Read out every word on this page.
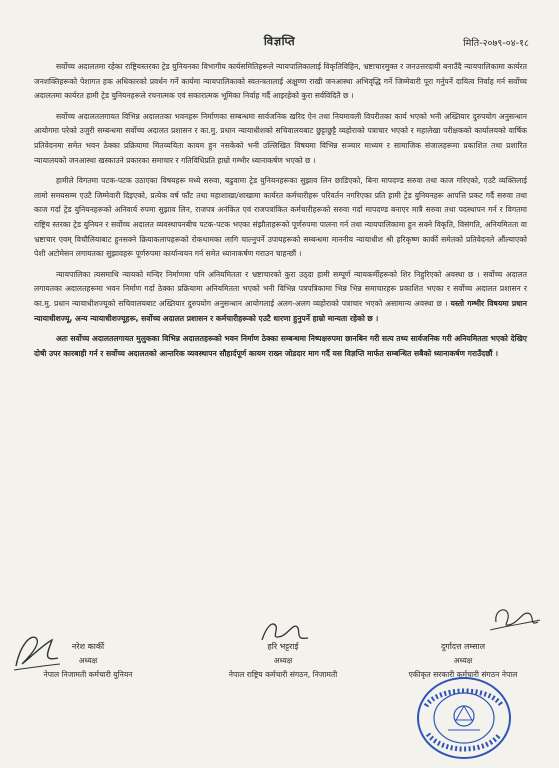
विज्ञप्ति	मिति-२०७९-०४-१८

सर्वोच्च अदालतमा रहेका राष्ट्रियस्तरका ट्रेड युनियनका विभागीय कार्यसमितिहरूले न्यायपालिकालाई विकृतिविहिन, भ्रष्टाचारमुक्त र जनउत्तरदायी बनाउँदै न्यायपालिकामा कार्यरत जनशक्तिहरूको पेशागत हक अधिकारको प्रवर्धन गर्ने कार्यमा न्यायपालिकाको स्वतन्त्रतालाई अक्षुण्ण राखी जनआस्था अभिवृद्धि गर्ने जिम्मेवारी पूरा गर्नुपर्ने दायित्व निर्वाह गर्न सर्वोच्च अदालतमा कार्यरत हामी ट्रेड युनियनहरूले रचनात्मक एवं सकारात्मक भूमिका निर्वाह गर्दै आइरहेको कुरा सर्वविदितै छ ।

सर्वोच्च अदालतलगायत विभिन्न अदालतका भवनहरू निर्माणका सम्बन्धमा सार्वजनिक खरिद ऐन तथा नियमावली विपरीतका कार्य भएको भनी अख्तियार दुरुपयोग अनुसन्धान आयोगमा परेको उजुरी सम्बन्धमा सर्वोच्च अदालत प्रशासन र का.मु. प्रधान न्यायाधीशको सचिवालयबाट छुट्टाछुट्टै व्यहोराको पत्राचार भएको र महालेखा परीक्षकको कार्यालयको वार्षिक प्रतिवेदनमा समेत भवन ठेक्का प्रक्रियामा मितव्ययिता कायम हुन नसकेको भनी उल्लिखित विषयमा विभिन्न सञ्चार माध्यम र सामाजिक संजालहरूमा प्रकाशित तथा प्रशारित न्यायालयको जनआस्था खस्काउने प्रकारका समाचार र गतिविधिप्रति हाम्रो गम्भीर ध्यानाकर्षण भएको छ ।

हामीले विगतमा पटक-पटक उठाएका विषयहरू मध्ये सरुवा, बढुवामा ट्रेड युनियनहरूका सुझाव लिन छाडिएको, बिना मापदण्ड सरुवा तथा काज गरिएको, एउटै व्यक्तिलाई लामो समयसम्म एउटै जिम्मेवारी दिइएको, प्रत्येक वर्ष फाँट तथा महाशाखा/शाखामा कार्यरत कर्मचारीहरू परिवर्तन नगरिएका प्रति हामी ट्रेड युनियनहरू आपत्ति प्रकट गर्दै सरुवा तथा काज गर्दा ट्रेड युनियनहरूको अनिवार्य रुपमा सुझाव लिन, राजपत्र अनंकित एवं राजपत्रांकित कर्मचारीहरूको सरुवा गर्दा मापदण्ड बनाएर मात्रै सरुवा तथा पदस्थापन गर्न र विगतमा राष्ट्रिय स्तरका ट्रेड युनियन र सर्वोच्च अदालत व्यवस्थापनबीच पटक-पटक भएका संझौताहरूको पूर्णरुपमा पालना गर्न तथा न्यायपालिकामा हुन सक्ने विकृति, विसंगति, अनियमितता वा भ्रष्टाचार एवम् विचौलियाबाट हुनसक्ने क्रियाकलापहरूको रोकथामका लागि चाल्नुपर्ने उपायहरूको सम्बन्धमा माननीय न्यायाधीश श्री हरिकृष्ण कार्की समेतको प्रतिवेदनले औंल्याएको पेशी अटोमेसन लगायतका सुझावहरू पूर्णरुपमा कार्यान्वयन गर्न समेत ध्यानाकर्षण गराउन चाहन्छौं ।

न्यायपालिका त्यसमाथि न्यायको मन्दिर निर्माणमा पनि अनियमितता र भ्रष्टाचारको कुरा उठ्दा हामी सम्पूर्ण न्यायकर्मीहरूको शिर निहुरिएको अवस्था छ । सर्वोच्च अदालत लगायतका अदालतहरूमा भवन निर्माण गर्दा ठेक्का प्रक्रियामा अनियमितता भएको भनी विभिन्न पत्रपत्रिकामा भिन्न भिन्न समाचारहरू प्रकाशित भएका र सर्वोच्च अदालत प्रशासन र का.मु. प्रधान न्यायाधीशज्यूको सचिवालयबाट अख्तियार दुरुपयोग अनुसन्धान आयोगलाई अलग-अलग व्यहोराको पत्राचार भएको असामान्य अवस्था छ । यस्तो गम्भीर विषयमा प्रधान न्यायाधीशज्यू, अन्य न्यायाधीशज्यूहरू, सर्वोच्च अदालत प्रशासन र कर्मचारीहरूको एउटै धारणा हुनुपर्ने हाम्रो मान्यता रहेको छ ।

अतः सर्वोच्च अदालतलगायत मुलुकका विभिन्न अदालतहरूको भवन निर्माण ठेक्का सम्बन्धमा निष्पक्षरुपमा छानबिन गरी सत्य तथ्य सार्वजनिक गरी अनियमितता भएको देखिए दोषी उपर कारबाही गर्न र सर्वोच्च अदालतको आन्तरिक व्यवस्थापन सौहार्दपूर्ण कायम राख्न जोडदार माग गर्दै यस विज्ञप्ति मार्फत सम्बन्धित सबैको ध्यानाकर्षण गराउँदछौं ।

नरेश कार्की
अध्यक्ष
नेपाल निजामती कर्मचारी युनियन
हरि भट्टराई
अध्यक्ष
नेपाल राष्ट्रिय कर्मचारी संगठन, निजामती
दुर्गादत्त लम्साल
अध्यक्ष
एकीकृत सरकारी कर्मचारी संगठन नेपाल
